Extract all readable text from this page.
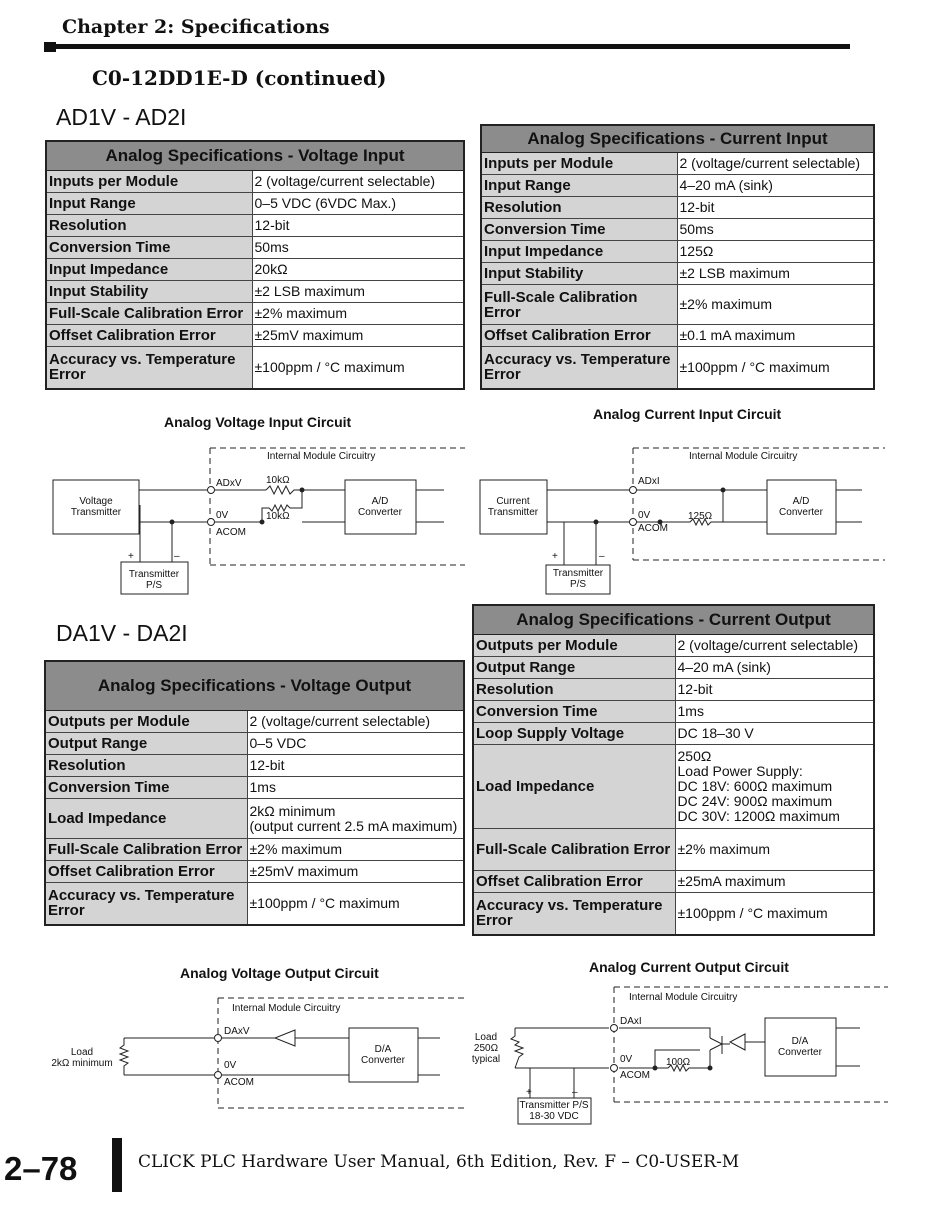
Chapter 2: Specifications
C0-12DD1E-D (continued)
AD1V - AD2I
DA1V - DA2I
Analog Specifications - Voltage Input	
Inputs per Module	2 (voltage/current selectable)
Input Range	0–5 VDC (6VDC Max.)
Resolution	12-bit
Conversion Time	50ms
Input Impedance	20kΩ
Input Stability	±2 LSB maximum
Full-Scale Calibration Error	±2% maximum
Offset Calibration Error	±25mV maximum
Accuracy vs. Temperature Error	±100ppm / °C maximum
Analog Specifications - Current Input	
Inputs per Module	2 (voltage/current selectable)
Input Range	4–20 mA (sink)
Resolution	12-bit
Conversion Time	50ms
Input Impedance	125Ω
Input Stability	±2 LSB maximum
Full-Scale Calibration Error	±2% maximum
Offset Calibration Error	±0.1 mA maximum
Accuracy vs. Temperature Error	±100ppm / °C maximum
Analog Specifications - Voltage Output	
Outputs per Module	2 (voltage/current selectable)
Output Range	0–5 VDC
Resolution	12-bit
Conversion Time	1ms
Load Impedance	2kΩ minimum
(output current 2.5 mA maximum)
Full-Scale Calibration Error	±2% maximum
Offset Calibration Error	±25mV maximum
Accuracy vs. Temperature Error	±100ppm / °C maximum
Analog Specifications - Current Output	
Outputs per Module	2 (voltage/current selectable)
Output Range	4–20 mA (sink)
Resolution	12-bit
Conversion Time	1ms
Loop Supply Voltage	DC 18–30 V
Load Impedance	250Ω
Load Power Supply:
DC 18V: 600Ω maximum
DC 24V: 900Ω maximum
DC 30V: 1200Ω maximum
Full-Scale Calibration Error	±2% maximum
Offset Calibration Error	±25mA maximum
Accuracy vs. Temperature Error	±100ppm / °C maximum
Analog Voltage Input Circuit	Analog Current Input Circuit
Analog Voltage Output Circuit	Analog Current Output Circuit
Internal Module Circuitry
Voltage Transmitter
ADxV
0V
ACOM
10kΩ
10kΩ
A/D Converter
Transmitter P/S
+	–
Internal Module Circuitry
Current Transmitter
ADxI
0V
ACOM
125Ω
A/D Converter
Transmitter P/S
+	–
Internal Module Circuitry
Load 2kΩ minimum
DAxV
0V
ACOM
D/A Converter
Internal Module Circuitry
Load 250Ω typical
DAxI
0V
ACOM
100Ω
D/A Converter
Transmitter P/S 18-30 VDC
+	–
2–78	CLICK PLC Hardware User Manual, 6th Edition, Rev. F – C0-USER-M
